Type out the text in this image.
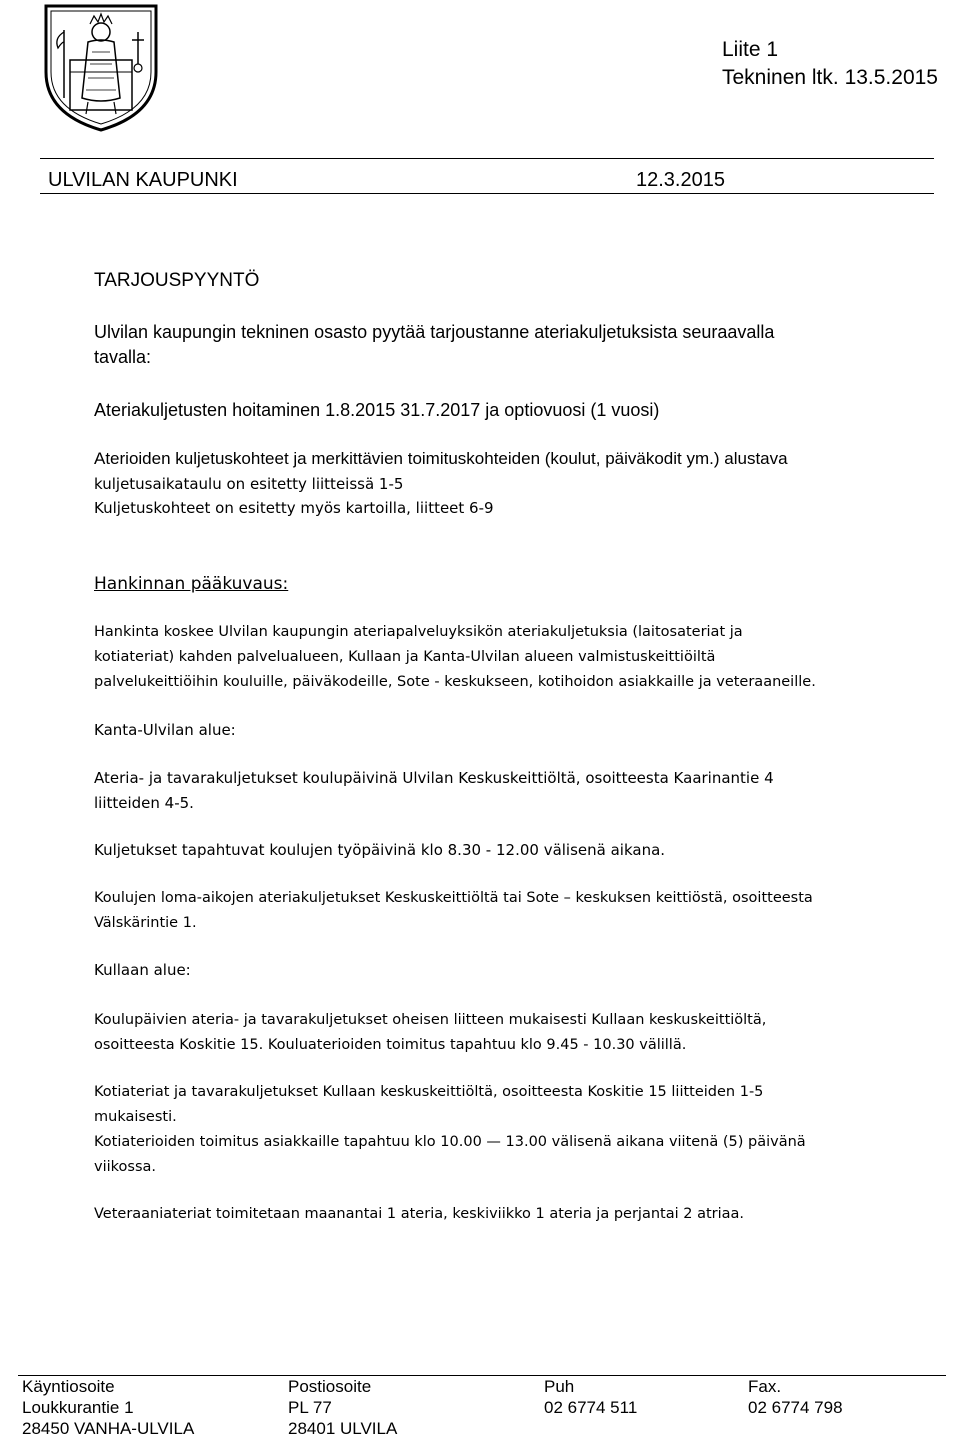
Liite 1
Tekninen ltk. 13.5.2015
ULVILAN KAUPUNKI	12.3.2015
TARJOUSPYYNTÖ
Ulvilan kaupungin tekninen osasto pyytää tarjoustanne ateriakuljetuksista seuraavalla
tavalla:
Ateriakuljetusten hoitaminen 1.8.2015 31.7.2017 ja optiovuosi (1 vuosi)
Aterioiden kuljetuskohteet ja merkittävien toimituskohteiden (koulut, päiväkodit ym.) alustava
kuljetusaikataulu on esitetty liitteissä 1-5
Kuljetuskohteet on esitetty myös kartoilla, liitteet 6-9
Hankinnan pääkuvaus:
Hankinta koskee Ulvilan kaupungin ateriapalveluyksikön ateriakuljetuksia (laitosateriat ja
kotiateriat) kahden palvelualueen, Kullaan ja Kanta-Ulvilan alueen valmistuskeittiöiltä
palvelukeittiöihin kouluille, päiväkodeille, Sote - keskukseen, kotihoidon asiakkaille ja veteraaneille.
Kanta-Ulvilan alue:
Ateria- ja tavarakuljetukset koulupäivinä Ulvilan Keskuskeittiöltä, osoitteesta Kaarinantie 4
liitteiden 4-5.
Kuljetukset tapahtuvat koulujen työpäivinä klo 8.30 - 12.00 välisenä aikana.
Koulujen loma-aikojen ateriakuljetukset Keskuskeittiöltä tai Sote – keskuksen keittiöstä, osoitteesta
Välskärintie 1.
Kullaan alue:
Koulupäivien ateria- ja tavarakuljetukset oheisen liitteen mukaisesti Kullaan keskuskeittiöltä,
osoitteesta Koskitie 15. Kouluaterioiden toimitus tapahtuu klo 9.45 - 10.30 välillä.
Kotiateriat ja tavarakuljetukset Kullaan keskuskeittiöltä, osoitteesta Koskitie 15 liitteiden 1-5
mukaisesti.
Kotiaterioiden toimitus asiakkaille tapahtuu klo 10.00 — 13.00 välisenä aikana viitenä (5) päivänä
viikossa.
Veteraaniateriat toimitetaan maanantai 1 ateria, keskiviikko 1 ateria ja perjantai 2 atriaa.
Käyntiosoite
Loukkurantie 1
28450 VANHA-ULVILA
Postiosoite
PL 77
28401 ULVILA
Puh
02 6774 511
Fax.
02 6774 798
